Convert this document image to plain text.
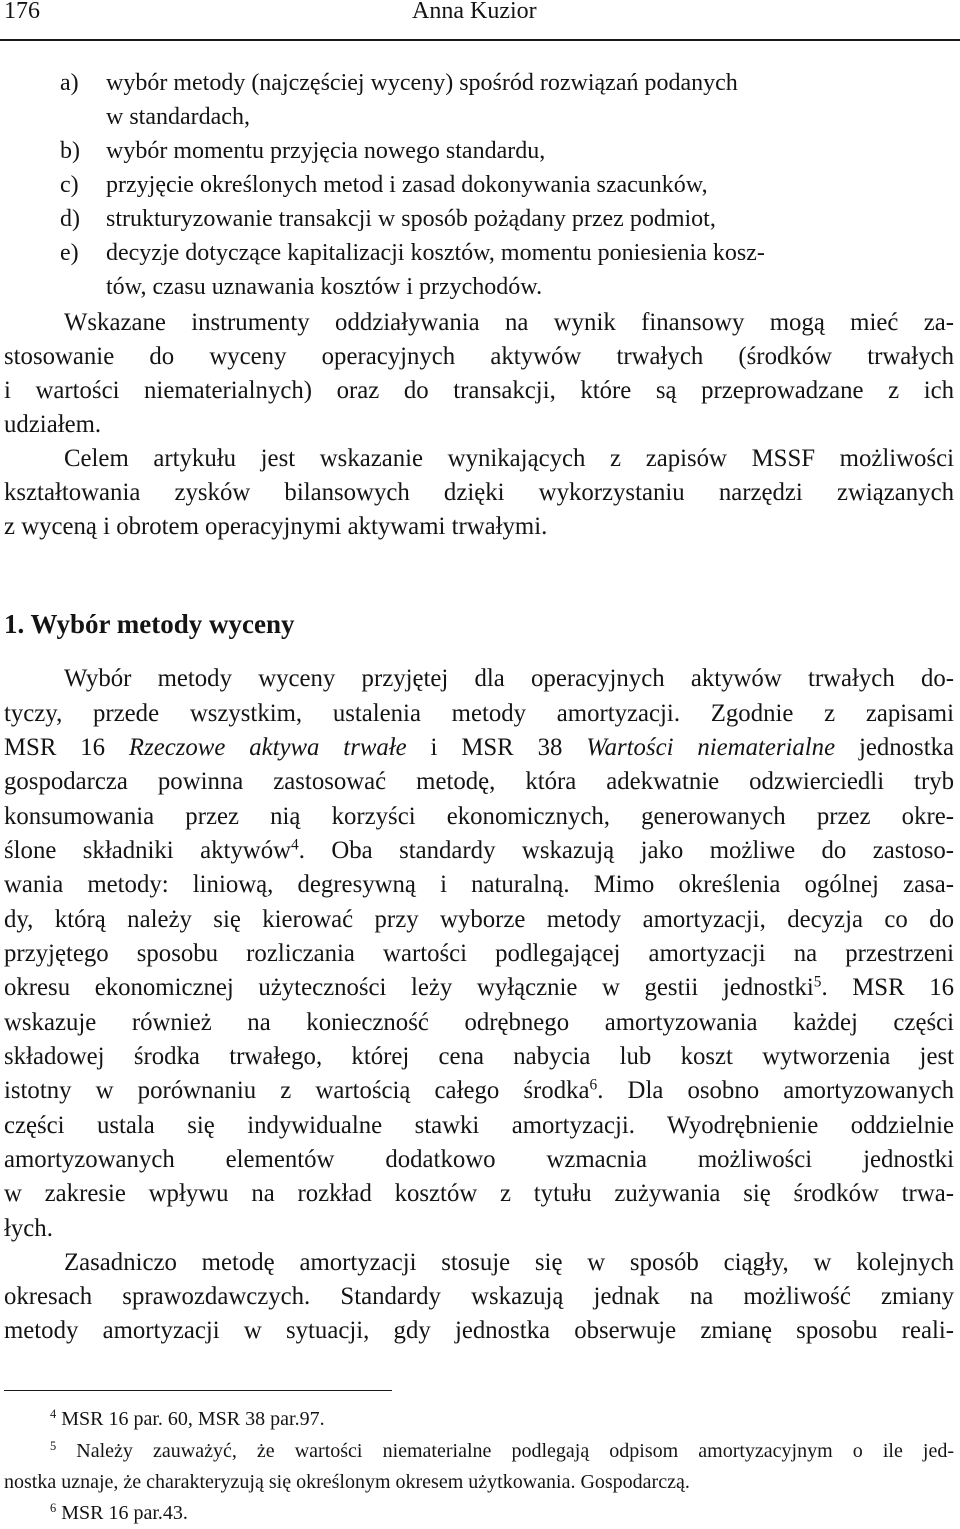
176	Anna Kuzior
a) wybór metody (najczęściej wyceny) spośród rozwiązań podanych
w standardach,
b) wybór momentu przyjęcia nowego standardu,
c) przyjęcie określonych metod i zasad dokonywania szacunków,
d) strukturyzowanie transakcji w sposób pożądany przez podmiot,
e) decyzje dotyczące kapitalizacji kosztów, momentu poniesienia kosz-
tów, czasu uznawania kosztów i przychodów.
Wskazane instrumenty oddziaływania na wynik finansowy mogą mieć za-
stosowanie do wyceny operacyjnych aktywów trwałych (środków trwałych
i wartości niematerialnych) oraz do transakcji, które są przeprowadzane z ich
udziałem.
Celem artykułu jest wskazanie wynikających z zapisów MSSF możliwości
kształtowania zysków bilansowych dzięki wykorzystaniu narzędzi związanych
z wyceną i obrotem operacyjnymi aktywami trwałymi.
1. Wybór metody wyceny
Wybór metody wyceny przyjętej dla operacyjnych aktywów trwałych do-
tyczy, przede wszystkim, ustalenia metody amortyzacji. Zgodnie z zapisami
MSR 16 Rzeczowe aktywa trwałe i MSR 38 Wartości niematerialne jednostka
gospodarcza powinna zastosować metodę, która adekwatnie odzwierciedli tryb
konsumowania przez nią korzyści ekonomicznych, generowanych przez okre-
ślone składniki aktywów$^4$. Oba standardy wskazują jako możliwe do zastoso-
wania metody: liniową, degresywną i naturalną. Mimo określenia ogólnej zasa-
dy, którą należy się kierować przy wyborze metody amortyzacji, decyzja co do
przyjętego sposobu rozliczania wartości podlegającej amortyzacji na przestrzeni
okresu ekonomicznej użyteczności leży wyłącznie w gestii jednostki$^5$. MSR 16
wskazuje również na konieczność odrębnego amortyzowania każdej części
składowej środka trwałego, której cena nabycia lub koszt wytworzenia jest
istotny w porównaniu z wartością całego środka$^6$. Dla osobno amortyzowanych
części ustala się indywidualne stawki amortyzacji. Wyodrębnienie oddzielnie
amortyzowanych elementów dodatkowo wzmacnia możliwości jednostki
w zakresie wpływu na rozkład kosztów z tytułu zużywania się środków trwa-
łych.
Zasadniczo metodę amortyzacji stosuje się w sposób ciągły, w kolejnych
okresach sprawozdawczych. Standardy wskazują jednak na możliwość zmiany
metody amortyzacji w sytuacji, gdy jednostka obserwuje zmianę sposobu reali-
$^4$ MSR 16 par. 60, MSR 38 par.97.
$^5$ Należy zauważyć, że wartości niematerialne podlegają odpisom amortyzacyjnym o ile jed-
nostka uznaje, że charakteryzują się określonym okresem użytkowania. Gospodarczą.
$^6$ MSR 16 par.43.
